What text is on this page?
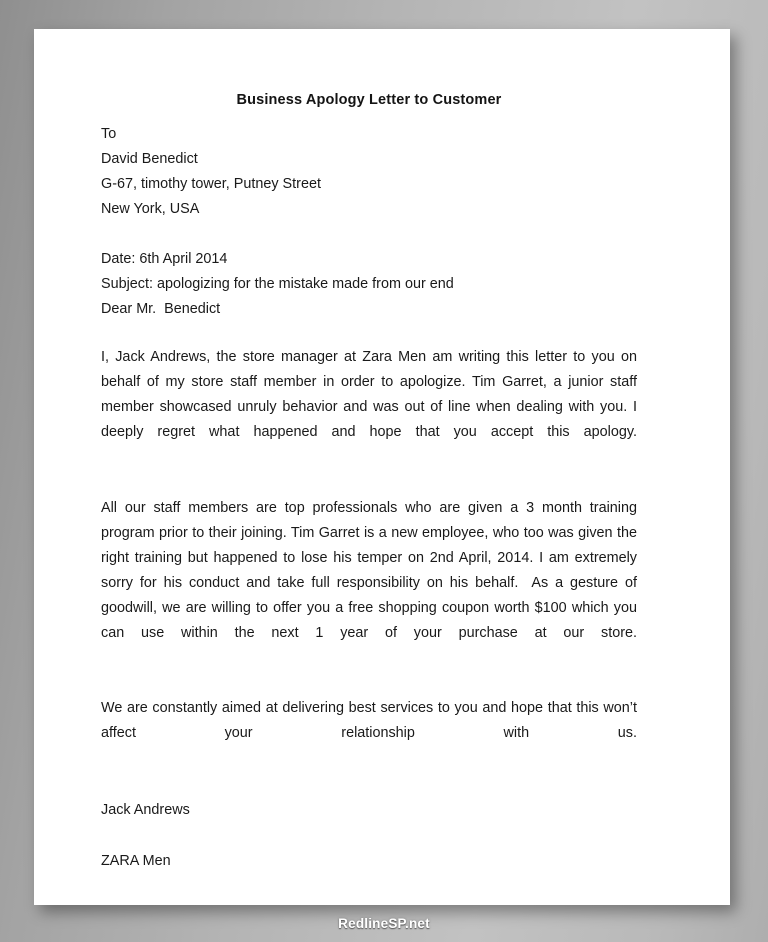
Business Apology Letter to Customer
To
David Benedict
G-67, timothy tower, Putney Street
New York, USA
Date: 6th April 2014
Subject: apologizing for the mistake made from our end
Dear Mr.  Benedict

I, Jack Andrews, the store manager at Zara Men am writing this letter to you on behalf of my store staff member in order to apologize. Tim Garret, a junior staff member showcased unruly behavior and was out of line when dealing with you. I deeply regret what happened and hope that you accept this apology.

All our staff members are top professionals who are given a 3 month training program prior to their joining. Tim Garret is a new employee, who too was given the right training but happened to lose his temper on 2nd April, 2014. I am extremely sorry for his conduct and take full responsibility on his behalf.  As a gesture of goodwill, we are willing to offer you a free shopping coupon worth $100 which you can use within the next 1 year of your purchase at our store.

We are constantly aimed at delivering best services to you and hope that this won’t affect your relationship with us.

Jack Andrews
ZARA Men
RedlineSP.net
